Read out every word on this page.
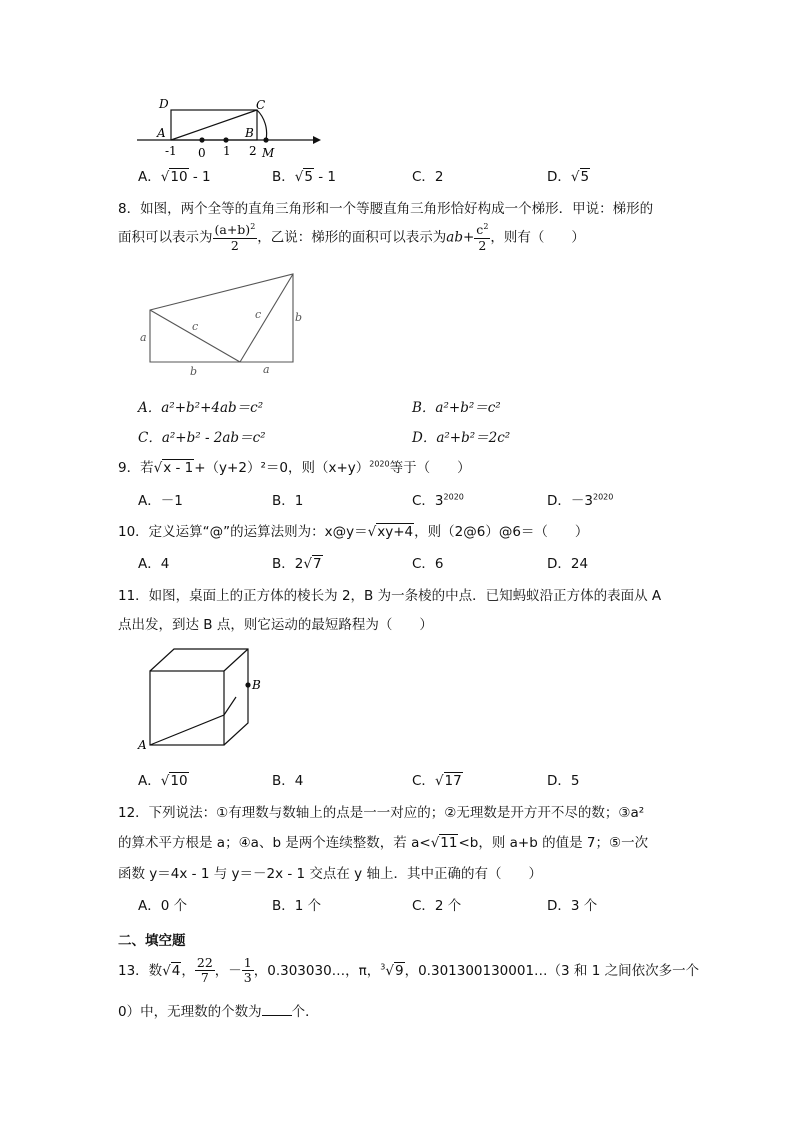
D	C
A	B
M
-1 0 1 2
A．√10 - 1	B．√5 - 1	C．2	D．√5
8．如图，两个全等的直角三角形和一个等腰直角三角形恰好构成一个梯形．甲说：梯形的
面积可以表示为 $\frac{(a+b)^2}{2}$ ，乙说：梯形的面积可以表示为$ab+ \frac{c^2}{2}$ ，则有（　　）
a
b	a
c
c	b
A．a²+b²+4ab＝c²	B．a²+b²＝c²
C．a²+b² - 2ab＝c²	D．a²+b²＝2c²
9．若√x - 1+（y+2）²＝0，则$(x+y)^{2020}$等于（　　）
A．－1	B．1	C．$3^{2020}$	D．$-3^{2020}$
10．定义运算“@”的运算法则为：x@y＝√xy+4，则（2@6）@6＝（　　）
A．4	B．2√7	C．6	D．24
11．如图，桌面上的正方体的棱长为 2，B 为一条棱的中点．已知蚂蚁沿正方体的表面从 A
点出发，到达 B 点，则它运动的最短路程为（　　）
A
B
A．√10	B．4	C．√17	D．5
12．下列说法：①有理数与数轴上的点是一一对应的；②无理数是开方开不尽的数；③a²
的算术平方根是 a；④a、b 是两个连续整数，若 a<√11<b，则 a+b 的值是 7；⑤一次
函数 y＝4x - 1 与 y＝－2x - 1 交点在 y 轴上．其中正确的有（　　）
A．0 个	B．1 个	C．2 个	D．3 个
二、填空题
13．数√4， $\frac{22}{7}$ ，－ $\frac{1}{3}$ ，0.303030…，π，$^3$√9，0.301300130001…（3 和 1 之间依次多一个
0）中，无理数的个数为 个．
